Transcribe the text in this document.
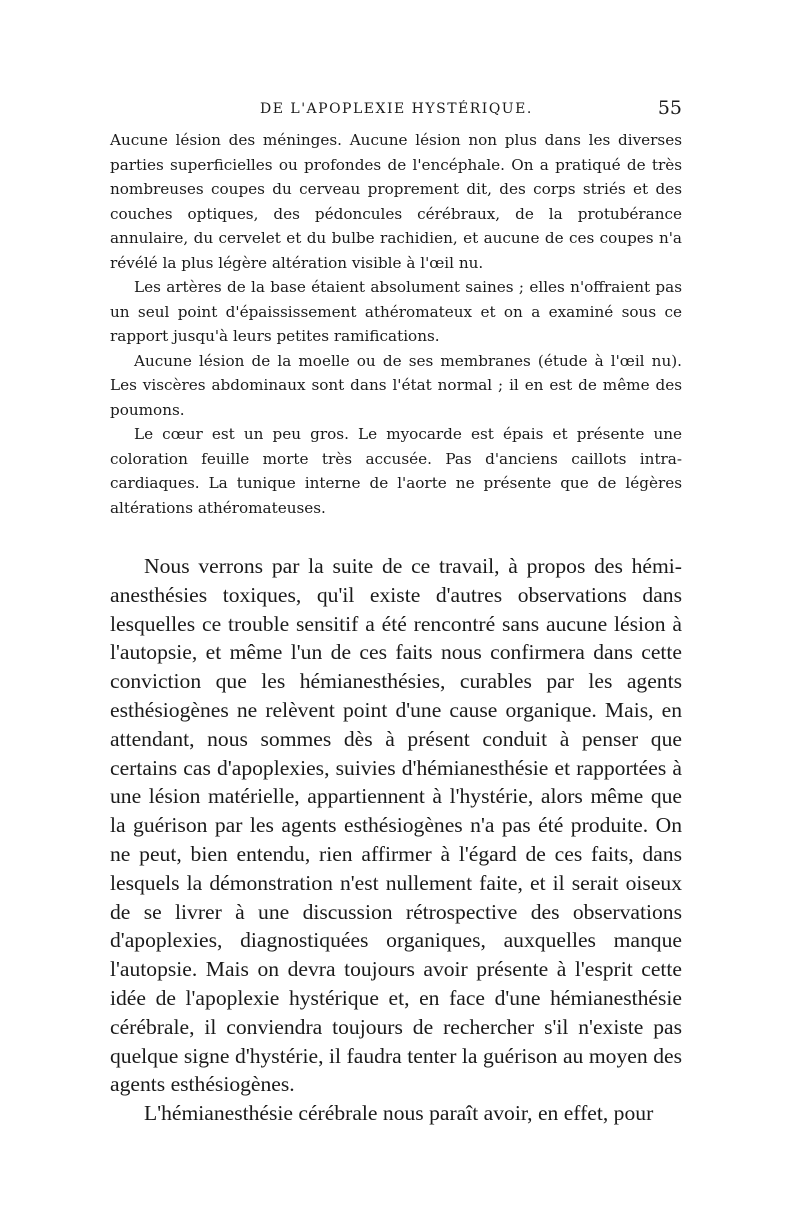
DE L'APOPLEXIE HYSTÉRIQUE.	55

Aucune lésion des méninges. Aucune lésion non plus dans les diverses parties superficielles ou profondes de l'encéphale. On a pratiqué de très nombreuses coupes du cerveau proprement dit, des corps striés et des couches optiques, des pédoncules cérébraux, de la protubérance annulaire, du cervelet et du bulbe rachidien, et aucune de ces coupes n'a révélé la plus légère altération visible à l'œil nu.

Les artères de la base étaient absolument saines ; elles n'offraient pas un seul point d'épaississement athéromateux et on a examiné sous ce rapport jusqu'à leurs petites ramifications.

Aucune lésion de la moelle ou de ses membranes (étude à l'œil nu). Les viscères abdominaux sont dans l'état normal ; il en est de même des poumons.

Le cœur est un peu gros. Le myocarde est épais et présente une coloration feuille morte très accusée. Pas d'anciens caillots intra-cardiaques. La tunique interne de l'aorte ne présente que de légères altérations athéromateuses.

Nous verrons par la suite de ce travail, à propos des hémi-anesthésies toxiques, qu'il existe d'autres observations dans lesquelles ce trouble sensitif a été rencontré sans aucune lésion à l'autopsie, et même l'un de ces faits nous confirmera dans cette conviction que les hémianesthésies, curables par les agents esthésiogènes ne relèvent point d'une cause organique. Mais, en attendant, nous sommes dès à présent conduit à penser que certains cas d'apoplexies, suivies d'hémianesthésie et rapportées à une lésion matérielle, appartiennent à l'hystérie, alors même que la guérison par les agents esthésiogènes n'a pas été produite. On ne peut, bien entendu, rien affirmer à l'égard de ces faits, dans lesquels la démonstration n'est nullement faite, et il serait oiseux de se livrer à une discussion rétrospective des observations d'apoplexies, diagnostiquées organiques, auxquelles manque l'autopsie. Mais on devra toujours avoir présente à l'esprit cette idée de l'apoplexie hystérique et, en face d'une hémianesthésie cérébrale, il conviendra toujours de rechercher s'il n'existe pas quelque signe d'hystérie, il faudra tenter la guérison au moyen des agents esthésiogènes.

L'hémianesthésie cérébrale nous paraît avoir, en effet, pour
